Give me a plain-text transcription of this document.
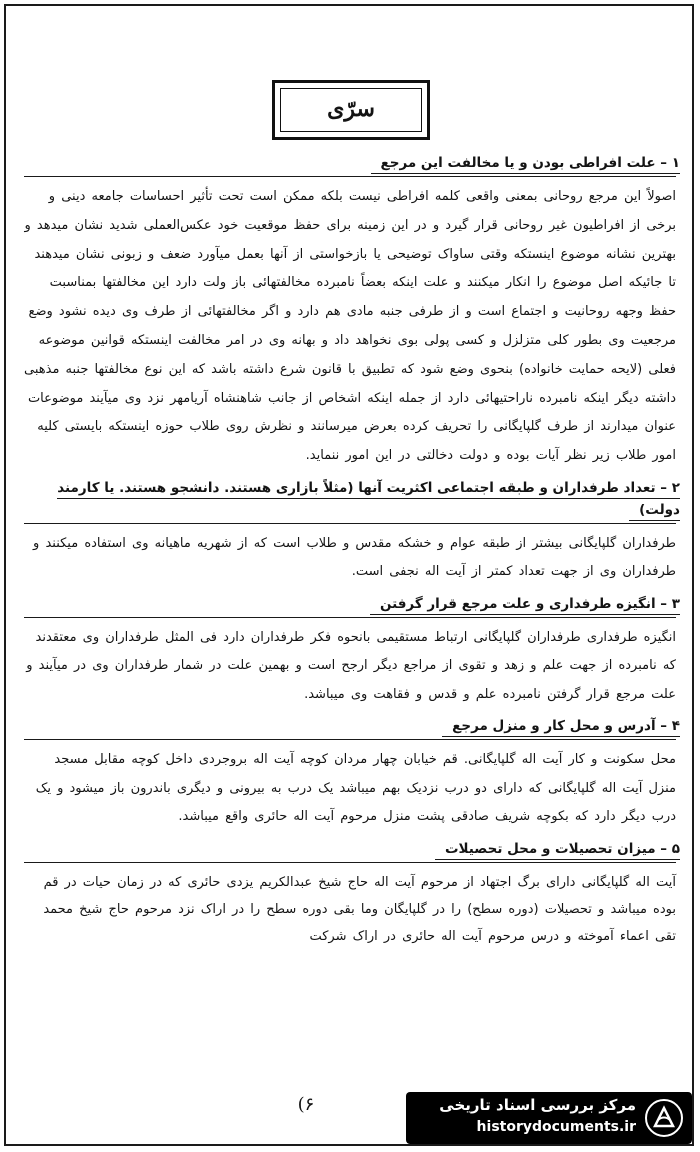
سرّی
۱ – علت افراطی بودن و یا مخالفت این مرجع

اصولاً این مرجع روحانی بمعنی واقعی کلمه افراطی نیست بلکه ممکن است تحت تأثیر احساسات جامعه دینی و برخی از افراطیون غیر روحانی قرار گیرد و در این زمینه برای حفظ موقعیت خود عکس‌العملی شدید نشان میدهد و بهترین نشانه موضوع اینستکه وقتی ساواک توضیحی یا بازخواستی از آنها بعمل میآورد ضعف و زبونی نشان میدهند تا جائیکه اصل موضوع را انکار میکنند و علت اینکه بعضاً نامبرده مخالفتهائی باز ولت دارد این مخالفتها بمناسبت حفظ وجهه روحانیت و اجتماع است و از طرفی جنبه مادی هم دارد و اگر مخالفتهائی از طرف وی دیده نشود وضع مرجعیت وی بطور کلی متزلزل و کسی پولی بوی نخواهد داد و بهانه وی در امر مخالفت اینستکه قوانین موضوعه فعلی (لایحه حمایت خانواده) بنحوی وضع شود که تطبیق با قانون شرع داشته باشد که این نوع مخالفتها جنبه مذهبی داشته دیگر اینکه نامبرده ناراحتیهائی دارد از جمله اینکه اشخاص از جانب شاهنشاه آریامهر نزد وی میآیند موضوعات عنوان میدارند از طرف گلپایگانی را تحریف کرده بعرض میرسانند و نظرش روی طلاب حوزه اینستکه بایستی کلیه امور طلاب زیر نظر آیات بوده و دولت دخالتی در این امور ننماید.

۲ – تعداد طرفداران و طبقه اجتماعی اکثریت آنها (مثلاً بازاری هستند. دانشجو هستند. یا کارمند دولت)

طرفداران گلپایگانی بیشتر از طبقه عوام و خشکه مقدس و طلاب است که از شهریه ماهیانه وی استفاده میکنند و طرفداران وی از جهت تعداد کمتر از آیت اله نجفی است.

۳ – انگیزه طرفداری و علت مرجع قرار گرفتن

انگیزه طرفداری طرفداران گلپایگانی ارتباط مستقیمی بانحوه فکر طرفداران دارد فی المثل طرفداران وی معتقدند که نامبرده از جهت علم و زهد و تقوی از مراجع دیگر ارجح است و بهمین علت در شمار طرفداران وی در میآیند و علت مرجع قرار گرفتن نامبرده علم و قدس و فقاهت وی میباشد.

۴ – آدرس و محل کار و منزل مرجع

محل سکونت و کار آیت اله گلپایگانی. قم خیابان چهار مردان کوچه آیت اله بروجردی داخل کوچه مقابل مسجد منزل آیت اله گلپایگانی که دارای دو درب نزدیک بهم میباشد یک درب به بیرونی و دیگری باندرون باز میشود و یک درب دیگر دارد که بکوچه شریف صادقی پشت منزل مرحوم آیت اله حائری واقع میباشد.

۵ – میزان تحصیلات و محل تحصیلات

آیت اله گلپایگانی دارای برگ اجتهاد از مرحوم آیت اله حاج شیخ عبدالکریم یزدی حائری که در زمان حیات در قم بوده میباشد و تحصیلات (دوره سطح) را در گلپایگان وما بقی دوره سطح را در اراک نزد مرحوم حاج شیخ محمد تقی اعماء آموخته و درس مرحوم آیت اله حائری در اراک شرکت

(۶	مرکز بررسی اسناد تاریخی
historydocuments.ir
